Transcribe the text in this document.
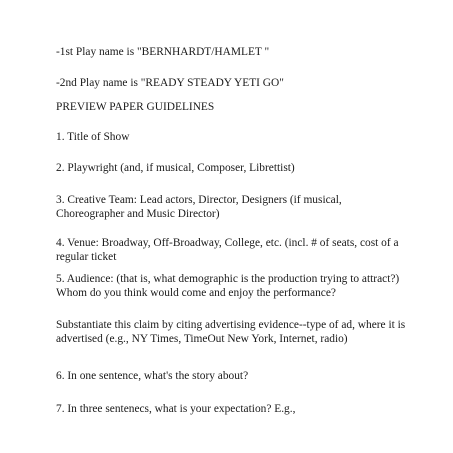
-1st Play name is "BERNHARDT/HAMLET "

-2nd Play name is "READY STEADY YETI GO"

PREVIEW PAPER GUIDELINES

1. Title of Show

2. Playwright (and, if musical, Composer, Librettist)

3. Creative Team: Lead actors, Director, Designers (if musical, Choreographer and Music Director)

4. Venue: Broadway, Off-Broadway, College, etc. (incl. # of seats, cost of a regular ticket

5. Audience: (that is, what demographic is the production trying to attract?) Whom do you think would come and enjoy the performance?

Substantiate this claim by citing advertising evidence--type of ad, where it is advertised (e.g., NY Times, TimeOut New York, Internet, radio)

6. In one sentence, what's the story about?

7. In three sentenecs, what is your expectation? E.g.,
